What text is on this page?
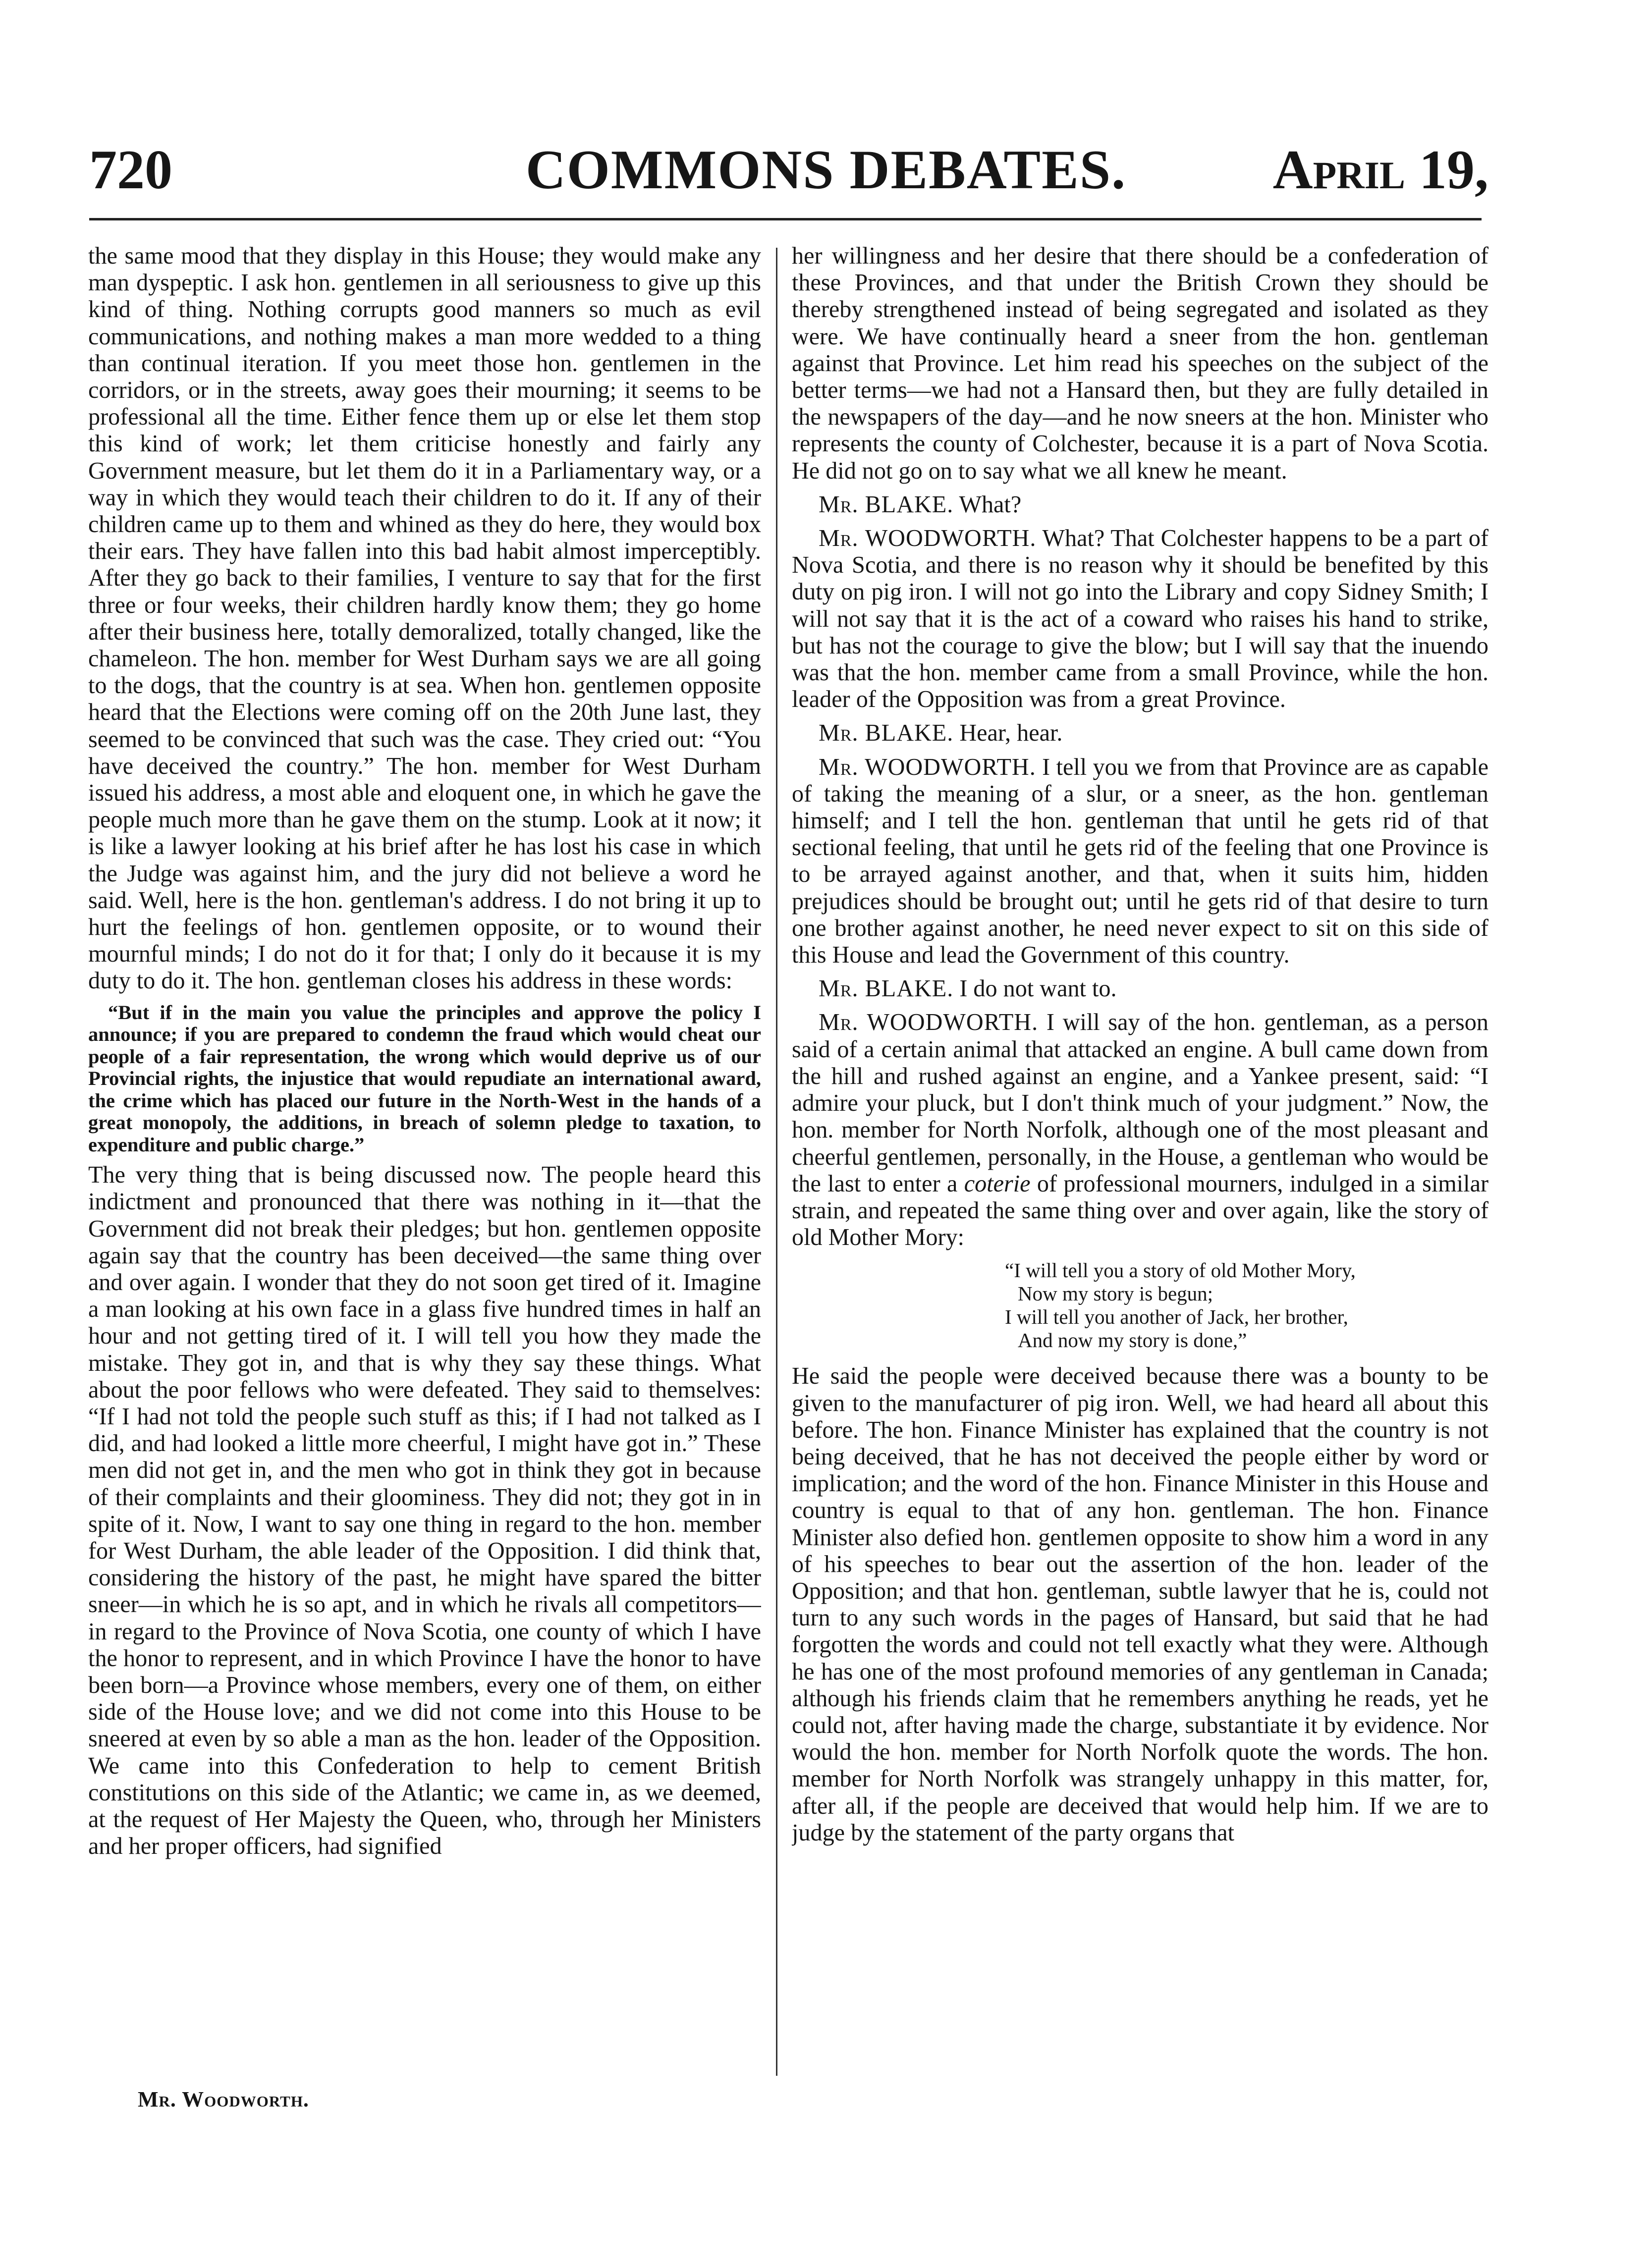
720	COMMONS DEBATES.	April 19,

the same mood that they display in this House; they would make any man dyspeptic. I ask hon. gentlemen in all seriousness to give up this kind of thing. Nothing corrupts good manners so much as evil communications, and nothing makes a man more wedded to a thing than continual iteration. If you meet those hon. gentlemen in the corridors, or in the streets, away goes their mourning; it seems to be professional all the time. Either fence them up or else let them stop this kind of work; let them criticise honestly and fairly any Government measure, but let them do it in a Parliamentary way, or a way in which they would teach their children to do it. If any of their children came up to them and whined as they do here, they would box their ears. They have fallen into this bad habit almost imperceptibly. After they go back to their families, I venture to say that for the first three or four weeks, their children hardly know them; they go home after their business here, totally demoralized, totally changed, like the chameleon. The hon. member for West Durham says we are all going to the dogs, that the country is at sea. When hon. gentlemen opposite heard that the Elections were coming off on the 20th June last, they seemed to be convinced that such was the case. They cried out: “You have deceived the country.” The hon. member for West Durham issued his address, a most able and eloquent one, in which he gave the people much more than he gave them on the stump. Look at it now; it is like a lawyer looking at his brief after he has lost his case in which the Judge was against him, and the jury did not believe a word he said. Well, here is the hon. gentleman's address. I do not bring it up to hurt the feelings of hon. gentlemen opposite, or to wound their mournful minds; I do not do it for that; I only do it because it is my duty to do it. The hon. gentleman closes his address in these words:

“But if in the main you value the principles and approve the policy I announce; if you are prepared to condemn the fraud which would cheat our people of a fair representation, the wrong which would deprive us of our Provincial rights, the injustice that would repudiate an international award, the crime which has placed our future in the North-West in the hands of a great monopoly, the additions, in breach of solemn pledge to taxation, to expenditure and public charge.”

The very thing that is being discussed now. The people heard this indictment and pronounced that there was nothing in it—that the Government did not break their pledges; but hon. gentlemen opposite again say that the country has been deceived—the same thing over and over again. I wonder that they do not soon get tired of it. Imagine a man looking at his own face in a glass five hundred times in half an hour and not getting tired of it. I will tell you how they made the mistake. They got in, and that is why they say these things. What about the poor fellows who were defeated. They said to themselves: “If I had not told the people such stuff as this; if I had not talked as I did, and had looked a little more cheerful, I might have got in.” These men did not get in, and the men who got in think they got in because of their complaints and their gloominess. They did not; they got in in spite of it. Now, I want to say one thing in regard to the hon. member for West Durham, the able leader of the Opposition. I did think that, considering the history of the past, he might have spared the bitter sneer—in which he is so apt, and in which he rivals all competitors—in regard to the Province of Nova Scotia, one county of which I have the honor to represent, and in which Province I have the honor to have been born—a Province whose members, every one of them, on either side of the House love; and we did not come into this House to be sneered at even by so able a man as the hon. leader of the Opposition. We came into this Confederation to help to cement British constitutions on this side of the Atlantic; we came in, as we deemed, at the request of Her Majesty the Queen, who, through her Ministers and her proper officers, had signified

her willingness and her desire that there should be a confederation of these Provinces, and that under the British Crown they should be thereby strengthened instead of being segregated and isolated as they were. We have continually heard a sneer from the hon. gentleman against that Province. Let him read his speeches on the subject of the better terms—we had not a Hansard then, but they are fully detailed in the newspapers of the day—and he now sneers at the hon. Minister who represents the county of Colchester, because it is a part of Nova Scotia. He did not go on to say what we all knew he meant.

Mr. BLAKE. What?

Mr. WOODWORTH. What? That Colchester happens to be a part of Nova Scotia, and there is no reason why it should be benefited by this duty on pig iron. I will not go into the Library and copy Sidney Smith; I will not say that it is the act of a coward who raises his hand to strike, but has not the courage to give the blow; but I will say that the inuendo was that the hon. member came from a small Province, while the hon. leader of the Opposition was from a great Province.

Mr. BLAKE. Hear, hear.

Mr. WOODWORTH. I tell you we from that Province are as capable of taking the meaning of a slur, or a sneer, as the hon. gentleman himself; and I tell the hon. gentleman that until he gets rid of that sectional feeling, that until he gets rid of the feeling that one Province is to be arrayed against another, and that, when it suits him, hidden prejudices should be brought out; until he gets rid of that desire to turn one brother against another, he need never expect to sit on this side of this House and lead the Government of this country.

Mr. BLAKE. I do not want to.

Mr. WOODWORTH. I will say of the hon. gentleman, as a person said of a certain animal that attacked an engine. A bull came down from the hill and rushed against an engine, and a Yankee present, said: “I admire your pluck, but I don't think much of your judgment.” Now, the hon. member for North Norfolk, although one of the most pleasant and cheerful gentlemen, personally, in the House, a gentleman who would be the last to enter a coterie of professional mourners, indulged in a similar strain, and repeated the same thing over and over again, like the story of old Mother Mory:

“I will tell you a story of old Mother Mory,
Now my story is begun;
I will tell you another of Jack, her brother,
And now my story is done,”

He said the people were deceived because there was a bounty to be given to the manufacturer of pig iron. Well, we had heard all about this before. The hon. Finance Minister has explained that the country is not being deceived, that he has not deceived the people either by word or implication; and the word of the hon. Finance Minister in this House and country is equal to that of any hon. gentleman. The hon. Finance Minister also defied hon. gentlemen opposite to show him a word in any of his speeches to bear out the assertion of the hon. leader of the Opposition; and that hon. gentleman, subtle lawyer that he is, could not turn to any such words in the pages of Hansard, but said that he had forgotten the words and could not tell exactly what they were. Although he has one of the most profound memories of any gentleman in Canada; although his friends claim that he remembers anything he reads, yet he could not, after having made the charge, substantiate it by evidence. Nor would the hon. member for North Norfolk quote the words. The hon. member for North Norfolk was strangely unhappy in this matter, for, after all, if the people are deceived that would help him. If we are to judge by the statement of the party organs that

Mr. Woodworth.
